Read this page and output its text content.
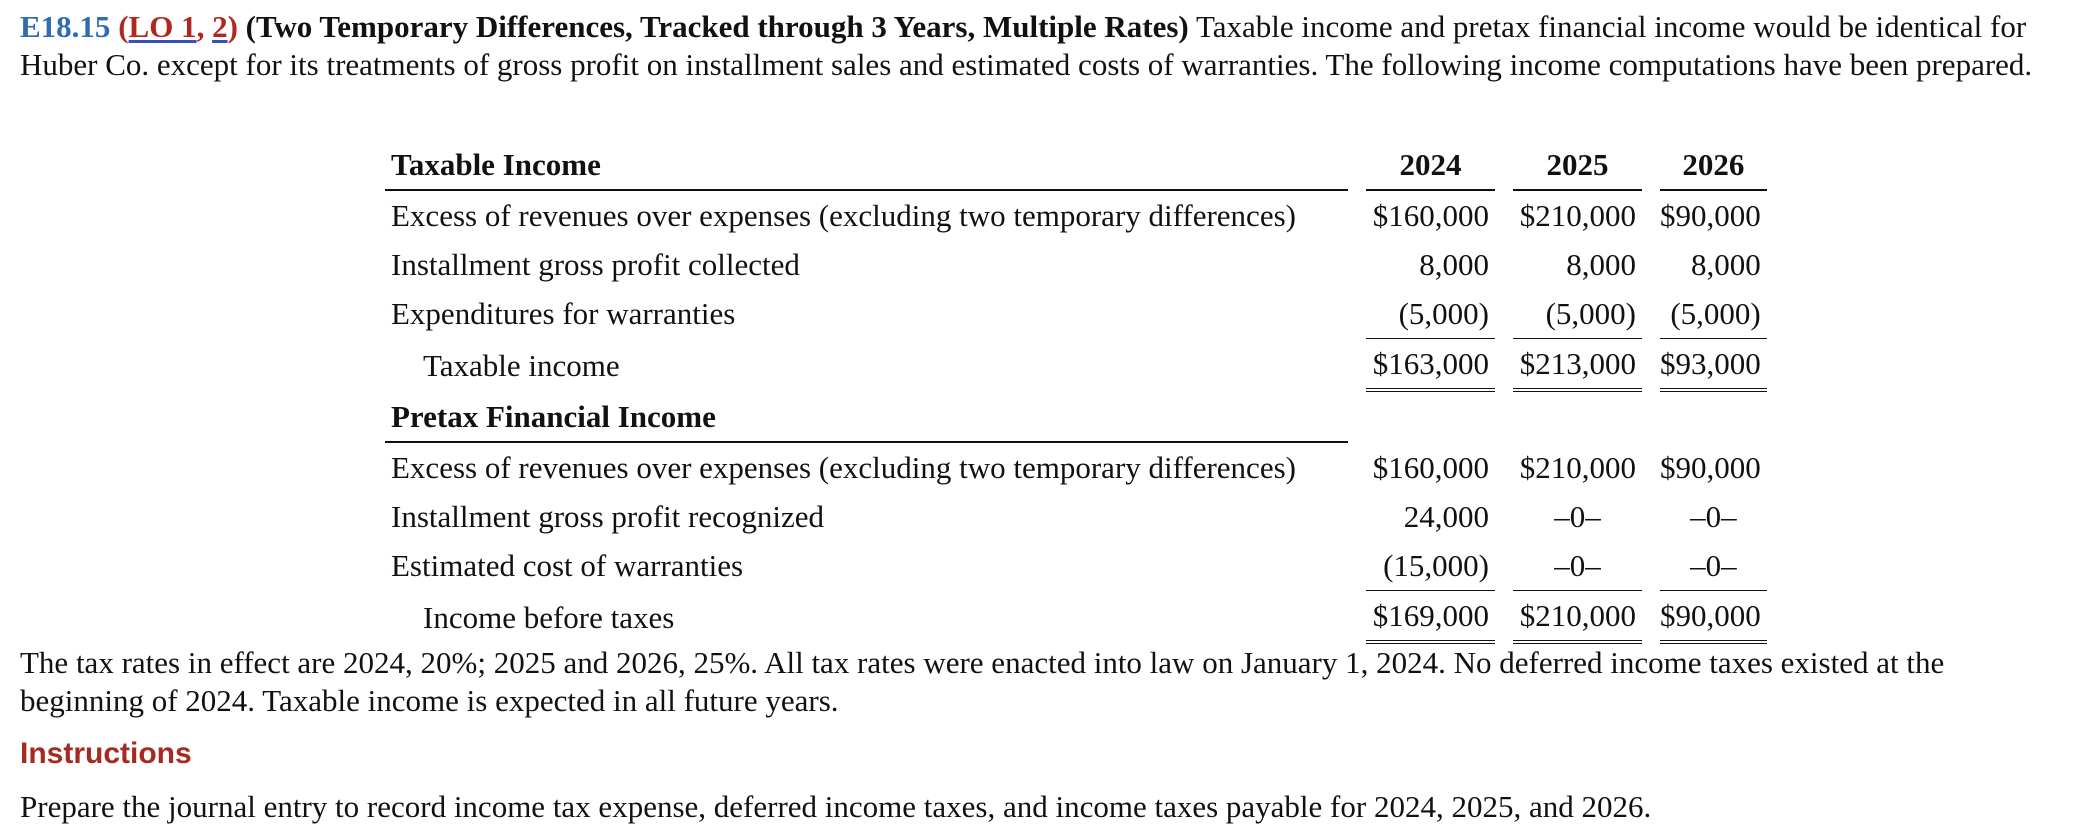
E18.15 (LO 1, 2) (Two Temporary Differences, Tracked through 3 Years, Multiple Rates) Taxable income and pretax financial income would be identical for Huber Co. except for its treatments of gross profit on installment sales and estimated costs of warranties. The following income computations have been prepared.
Taxable Income		2024		2025		2026
Excess of revenues over expenses (excluding two temporary differences)		$160,000		$210,000		$90,000
Installment gross profit collected		8,000		8,000		8,000
Expenditures for warranties		(5,000)		(5,000)		(5,000)
Taxable income		$163,000		$213,000		$93,000
Pretax Financial Income						
Excess of revenues over expenses (excluding two temporary differences)		$160,000		$210,000		$90,000
Installment gross profit recognized		24,000		–0–		–0–
Estimated cost of warranties		(15,000)		–0–		–0–
Income before taxes		$169,000		$210,000		$90,000
The tax rates in effect are 2024, 20%; 2025 and 2026, 25%. All tax rates were enacted into law on January 1, 2024. No deferred income taxes existed at the beginning of 2024. Taxable income is expected in all future years.
Instructions
Prepare the journal entry to record income tax expense, deferred income taxes, and income taxes payable for 2024, 2025, and 2026.
